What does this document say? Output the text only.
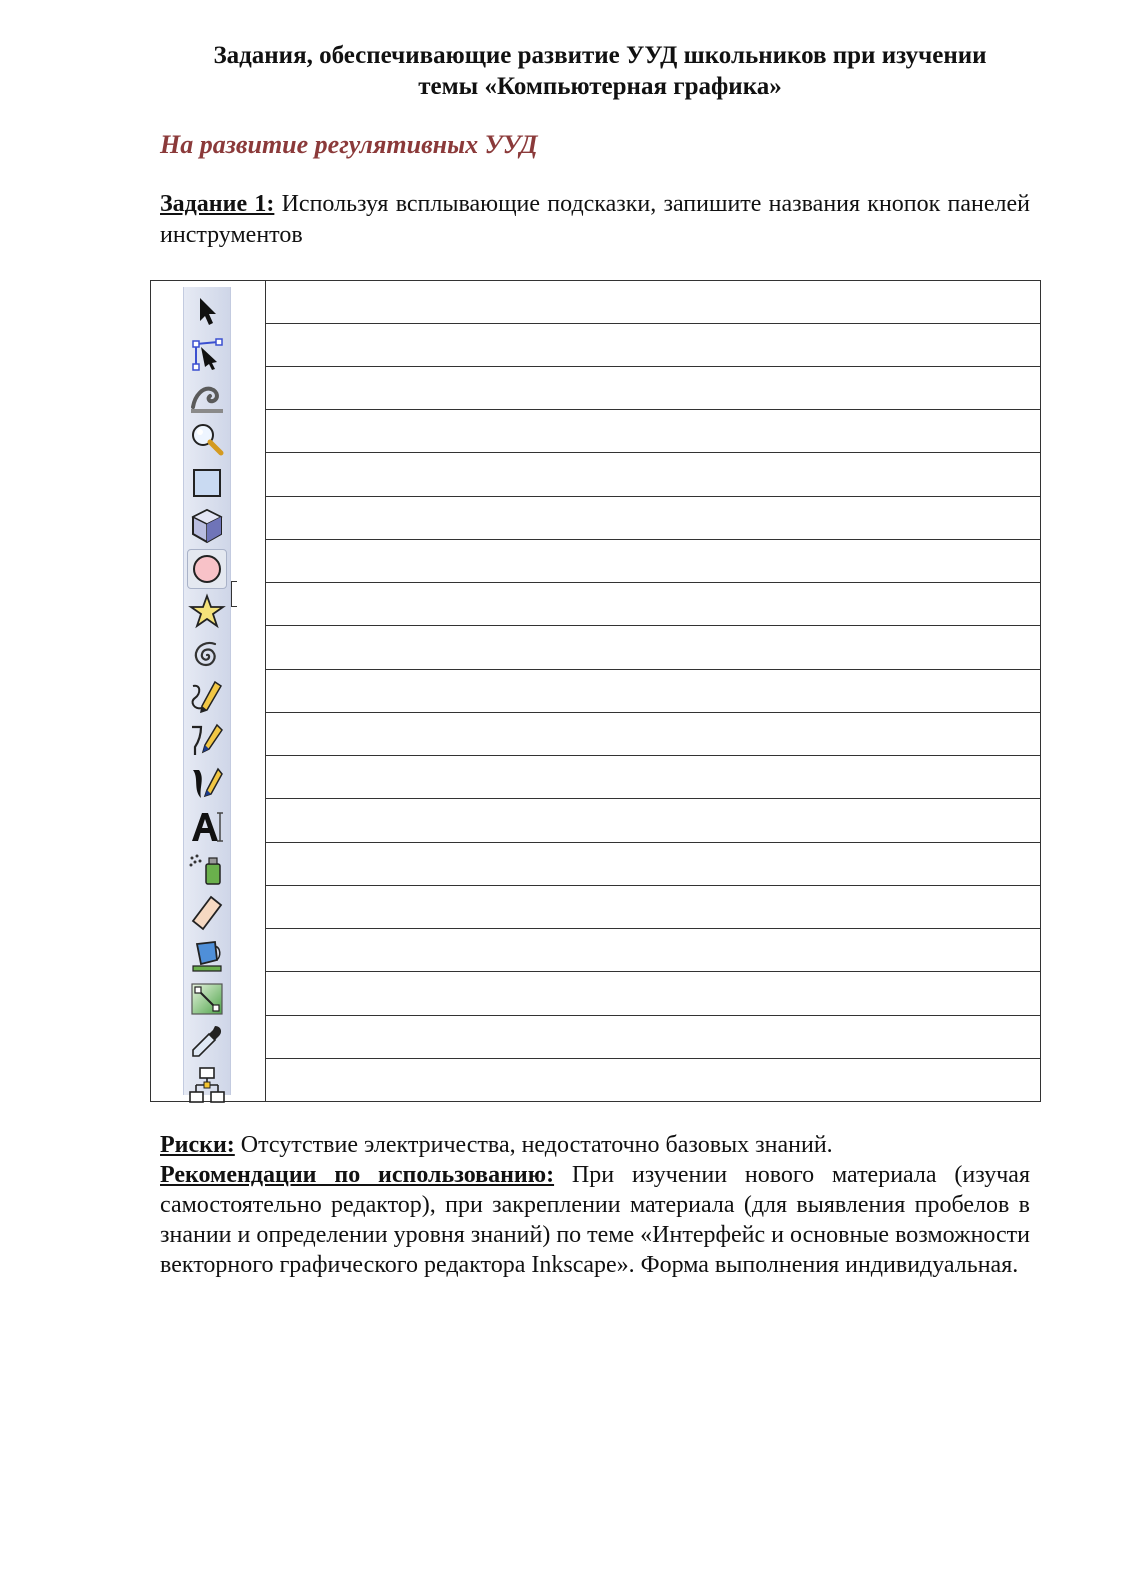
Задания, обеспечивающие развитие УУД школьников при изучении
темы «Компьютерная графика»
На развитие регулятивных УУД
Задание 1: Используя всплывающие подсказки, запишите названия кнопок панелей инструментов

Риски: Отсутствие электричества, недостаточно базовых знаний.

Рекомендации по использованию: При изучении нового материала (изучая самостоятельно редактор), при закреплении материала (для выявления пробелов в знании и определении уровня знаний) по теме «Интерфейс и основные возможности векторного графического редактора Inkscape». Форма выполнения индивидуальная.
